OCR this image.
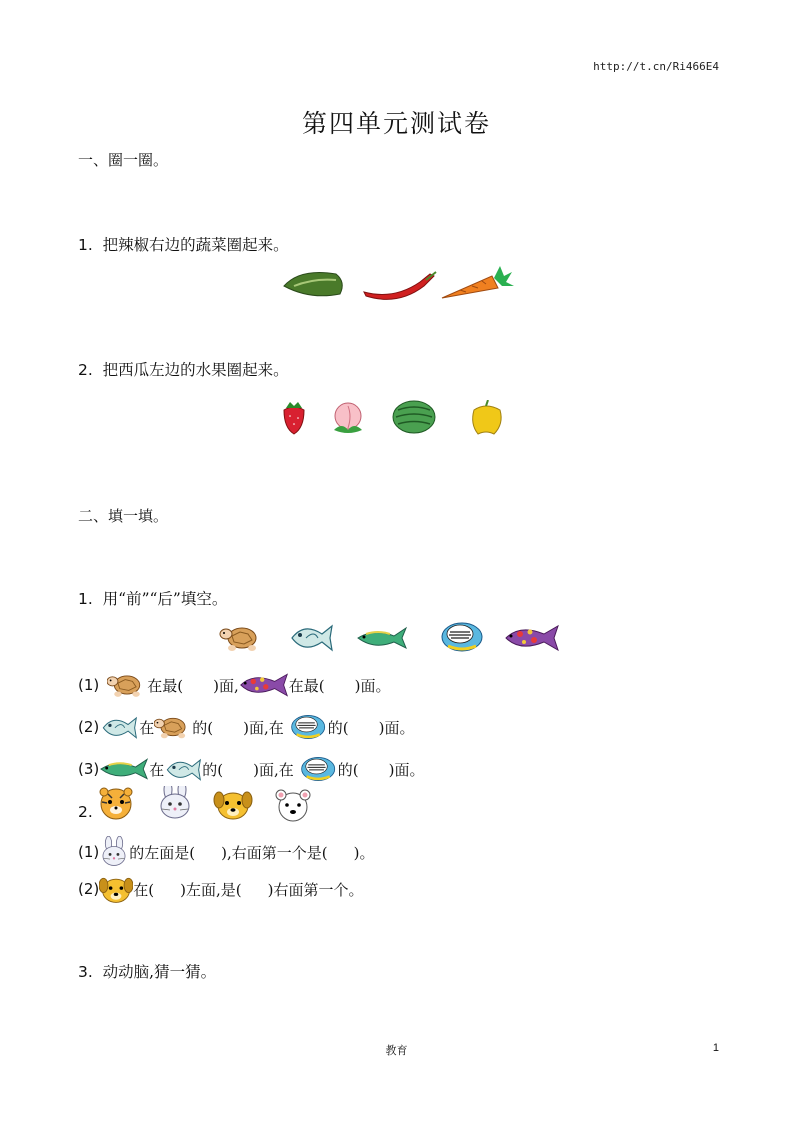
http://t.cn/Ri466E4
第四单元测试卷
一、圈一圈。
1. 把辣椒右边的蔬菜圈起来。
2. 把西瓜左边的水果圈起来。
二、填一填。
1. 用“前”“后”填空。
(1)	在最( )面,	在最( )面。
(2)	在	的( )面,在	的( )面。
(3)	在	的( )面,在	的( )面。
2.
(1) 的左面是( ),右面第一个是( )。
(2) 在( )左面,是( )右面第一个。
3. 动动脑,猜一猜。
教育	1
